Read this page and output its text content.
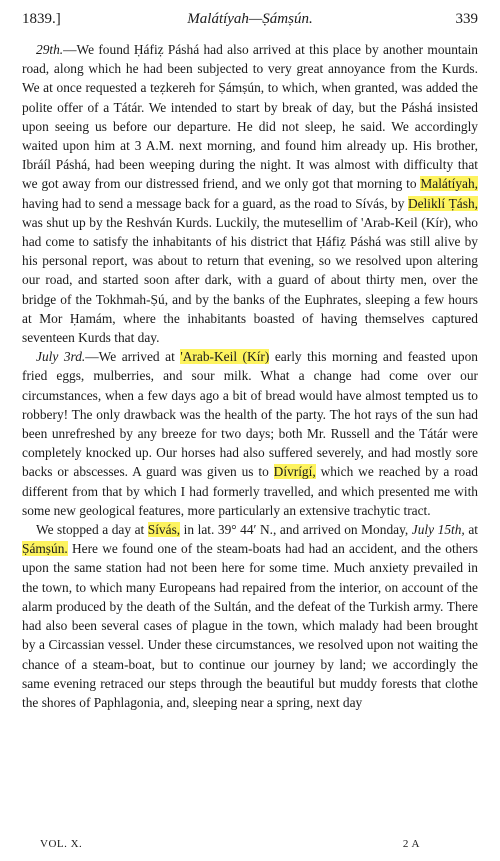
1839.]	Malátíyah—Ṣámṣún.	339

29th.—We found Ḥáfiẓ Páshá had also arrived at this place by another mountain road, along which he had been subjected to very great annoyance from the Kurds. We at once requested a teẓkereh for Ṣámṣún, to which, when granted, was added the polite offer of a Tátár. We intended to start by break of day, but the Páshá insisted upon seeing us before our departure. He did not sleep, he said. We accordingly waited upon him at 3 A.M. next morning, and found him already up. His brother, Ibráíl Páshá, had been weeping during the night. It was almost with difficulty that we got away from our distressed friend, and we only got that morning to Malátíyah, having had to send a message back for a guard, as the road to Sívás, by Deliklí Ṭásh, was shut up by the Reshván Kurds. Luckily, the mutesellim of 'Arab-Keil (Kír), who had come to satisfy the inhabitants of his district that Ḥáfiẓ Páshá was still alive by his personal report, was about to return that evening, so we resolved upon altering our road, and started soon after dark, with a guard of about thirty men, over the bridge of the Tokhmah-Ṣú, and by the banks of the Euphrates, sleeping a few hours at Mor Ḥamám, where the inhabitants boasted of having themselves captured seventeen Kurds that day.

July 3rd.—We arrived at 'Arab-Keil (Kír) early this morning and feasted upon fried eggs, mulberries, and sour milk. What a change had come over our circumstances, when a few days ago a bit of bread would have almost tempted us to robbery! The only drawback was the health of the party. The hot rays of the sun had been unrefreshed by any breeze for two days; both Mr. Russell and the Tátár were completely knocked up. Our horses had also suffered severely, and had mostly sore backs or abscesses. A guard was given us to Dívrígí, which we reached by a road different from that by which I had formerly travelled, and which presented me with some new geological features, more particularly an extensive trachytic tract.

We stopped a day at Sívás, in lat. 39° 44′ N., and arrived on Monday, July 15th, at Ṣámṣún. Here we found one of the steam-boats had had an accident, and the others upon the same station had not been here for some time. Much anxiety prevailed in the town, to which many Europeans had repaired from the interior, on account of the alarm produced by the death of the Sultán, and the defeat of the Turkish army. There had also been several cases of plague in the town, which malady had been brought by a Circassian vessel. Under these circumstances, we resolved upon not waiting the chance of a steam-boat, but to continue our journey by land; we accordingly the same evening retraced our steps through the beautiful but muddy forests that clothe the shores of Paphlagonia, and, sleeping near a spring, next day

VOL. X.	2 A
